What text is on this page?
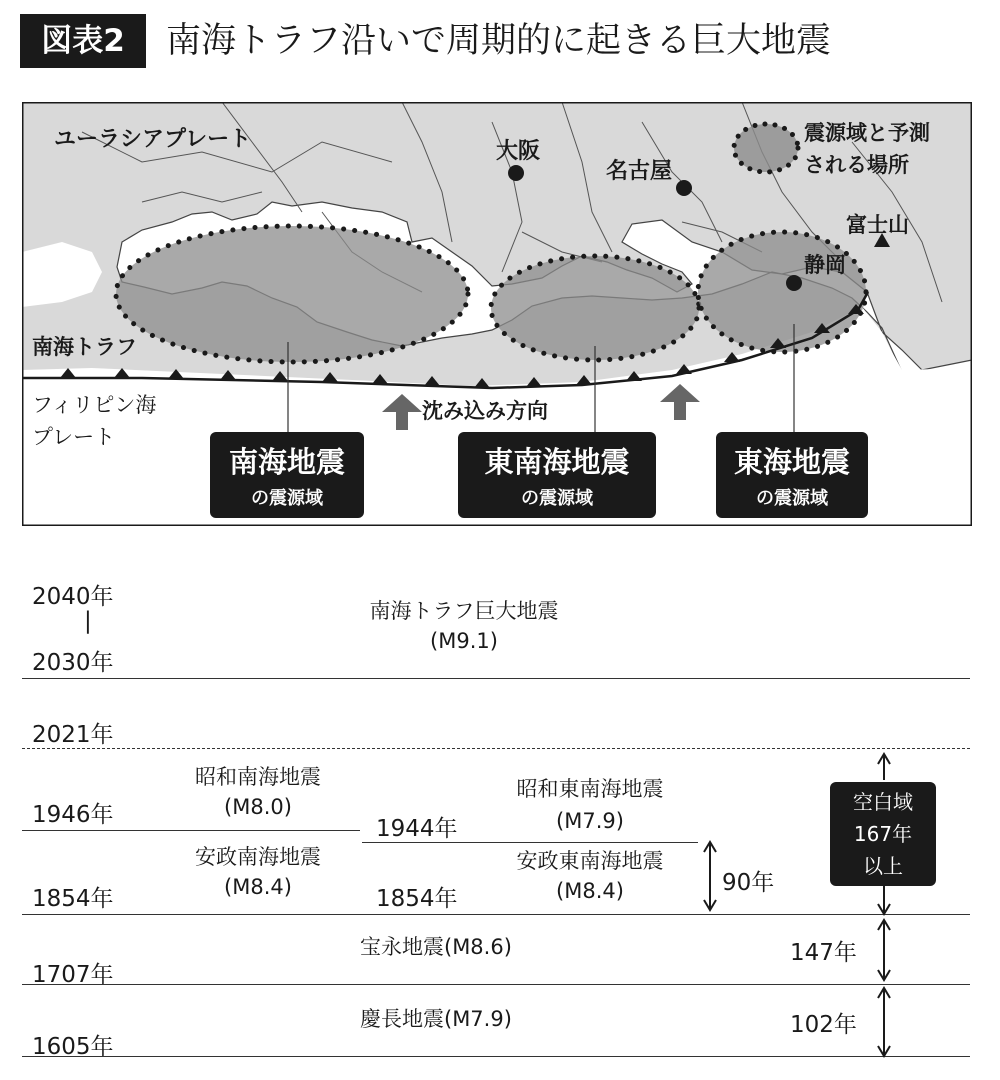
図表2	南海トラフ沿いで周期的に起きる巨大地震
ユーラシアプレート	大阪
名古屋
静岡
富士山
震源域と予測
される場所
南海トラフ
フィリピン海
プレート
沈み込み方向
南海地震
の震源域
東南海地震
の震源域
東海地震
の震源域
2040年
|
2030年
南海トラフ巨大地震
(M9.1)
2021年
昭和南海地震
(M8.0)
1946年
昭和東南海地震
(M7.9)
1944年
安政南海地震
(M8.4)
1854年
安政東南海地震
(M8.4)
1854年
宝永地震(M8.6)
1707年
慶長地震(M7.9)
1605年
90年
147年
102年
空白域
167年
以上
